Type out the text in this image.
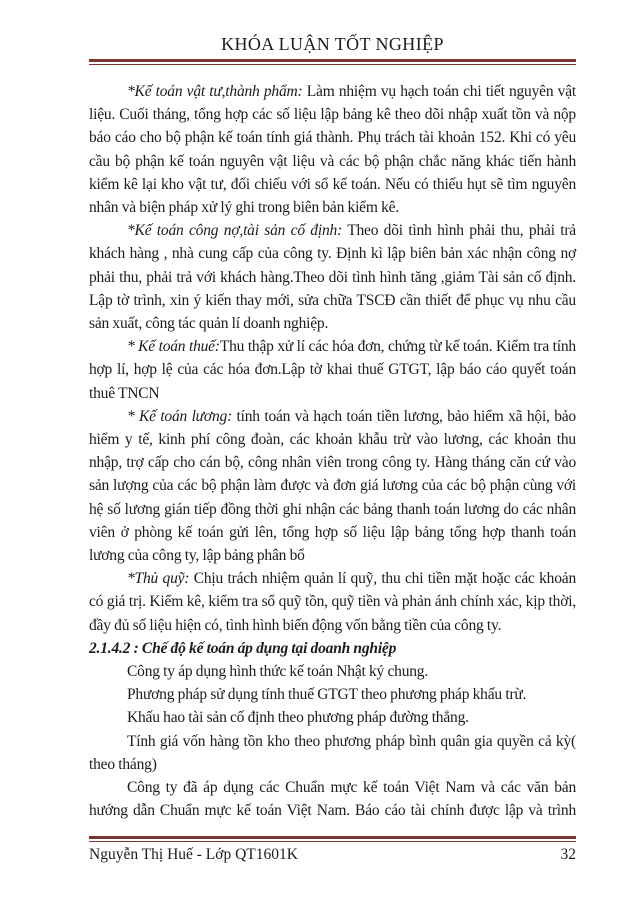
KHÓA LUẬN TỐT NGHIỆP

*Kế toán vật tư,thành phẩm: Làm nhiệm vụ hạch toán chi tiết nguyên vật liệu. Cuối tháng, tổng hợp các số liệu lập bảng kê theo dõi nhập xuất tồn và nộp báo cáo cho bộ phận kế toán tính giá thành. Phụ trách tài khoản 152. Khi có yêu cầu bộ phận kế toán nguyên vật liệu và các bộ phận chắc năng khác tiến hành kiểm kê lại kho vật tư, đối chiếu với sổ kế toán. Nếu có thiếu hụt sẽ tìm nguyên nhân và biện pháp xử lý ghi trong biên bản kiểm kê.

*Kế toán công nợ,tài sản cố định: Theo dõi tình hình phải thu, phải trả khách hàng , nhà cung cấp của công ty. Định kì lập biên bản xác nhận công nợ phải thu, phải trả với khách hàng.Theo dõi tình hình tăng ,giảm Tài sản cố định. Lập tờ trình, xin ý kiến thay mới, sửa chữa TSCĐ cần thiết để phục vụ nhu cầu sản xuất, công tác quản lí doanh nghiệp.

* Kế toán thuế:Thu thập xử lí các hóa đơn, chứng từ kế toán. Kiểm tra tính hợp lí, hợp lệ của các hóa đơn.Lập tờ khai thuế GTGT, lập báo cáo quyết toán thuê TNCN

* Kế toán lương: tính toán và hạch toán tiền lương, bảo hiểm xã hội, bảo hiểm y tế, kinh phí công đoàn, các khoản khẫu trừ vào lương, các khoản thu nhập, trợ cấp cho cán bộ, công nhân viên trong công ty. Hàng tháng căn cứ vào sản lượng của các bộ phận làm được và đơn giá lương của các bộ phận cùng với hệ số lương gián tiếp đồng thời ghi nhận các bảng thanh toán lương do các nhân viên ở phòng kế toán gửi lên, tổng hợp số liệu lập bảng tổng hợp thanh toán lương của công ty, lập bảng phân bổ

*Thủ quỹ: Chịu trách nhiệm quản lí quỹ, thu chi tiền mặt hoặc các khoản có giá trị. Kiểm kê, kiểm tra sổ quỹ tồn, quỹ tiền và phản ánh chính xác, kịp thời, đầy đủ số liệu hiện có, tình hình biến động vốn bằng tiền của công ty.

2.1.4.2 : Chế độ kế toán áp dụng tại doanh nghiệp

Công ty áp dụng hình thức kế toán Nhật ký chung.

Phương pháp sử dụng tính thuế GTGT theo phương pháp khấu trừ.

Khấu hao tài sản cố định theo phương pháp đường thẳng.

Tính giá vốn hàng tồn kho theo phương pháp bình quân gia quyền cả kỳ( theo tháng)

Công ty đã áp dụng các Chuẩn mực kế toán Việt Nam và các văn bản hướng dẫn Chuẩn mực kế toán Việt Nam. Báo cáo tài chính được lập và trình

Nguyễn Thị Huế - Lớp QT1601K	32
